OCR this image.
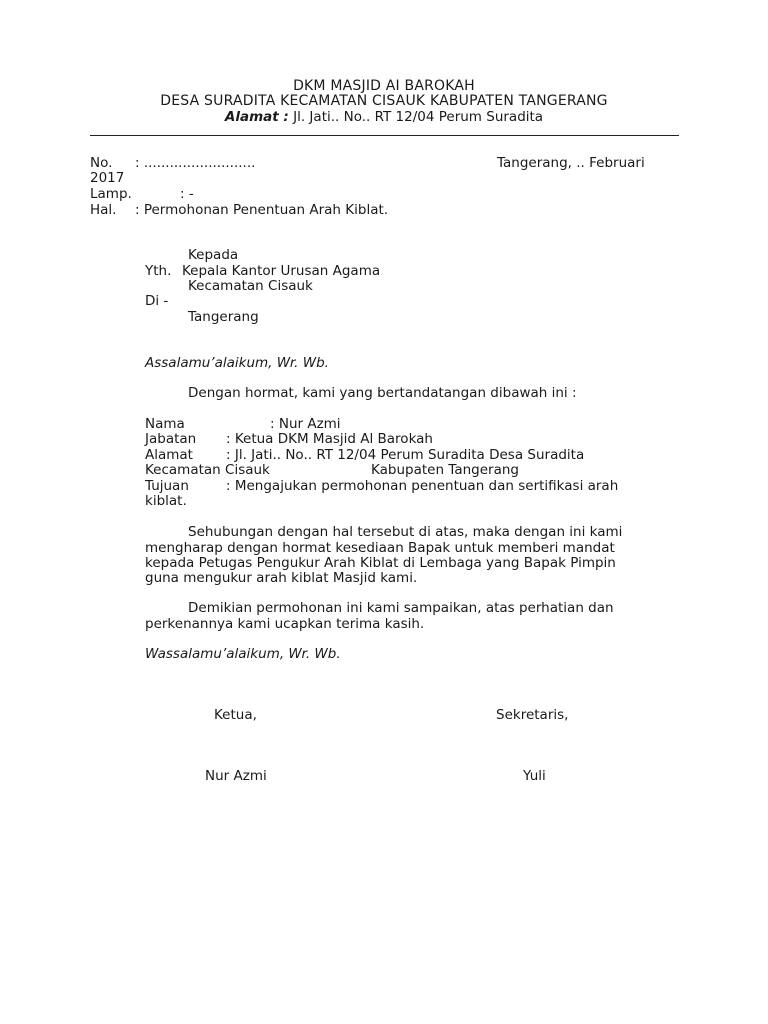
DKM MASJID AI BAROKAH
DESA SURADITA KECAMATAN CISAUK KABUPATEN TANGERANG
Alamat : Jl. Jati.. No.. RT 12/04 Perum Suradita
No. : ..........................	Tangerang, .. Februari
2017
Lamp.	: -
Hal. : Permohonan Penentuan Arah Kiblat.
Kepada
Yth. Kepala Kantor Urusan Agama
Kecamatan Cisauk
Di -
Tangerang
Assalamu’alaikum, Wr. Wb.
Dengan hormat, kami yang bertandatangan dibawah ini :
Nama	: Nur Azmi
Jabatan : Ketua DKM Masjid Al Barokah
Alamat : Jl. Jati.. No.. RT 12/04 Perum Suradita Desa Suradita
Kecamatan Cisauk	Kabupaten Tangerang
Tujuan	: Mengajukan permohonan penentuan dan sertifikasi arah
kiblat.
Sehubungan dengan hal tersebut di atas, maka dengan ini kami
mengharap dengan hormat kesediaan Bapak untuk memberi mandat
kepada Petugas Pengukur Arah Kiblat di Lembaga yang Bapak Pimpin
guna mengukur arah kiblat Masjid kami.
Demikian permohonan ini kami sampaikan, atas perhatian dan
perkenannya kami ucapkan terima kasih.
Wassalamu’alaikum, Wr. Wb.
Ketua,	Sekretaris,
Nur Azmi	Yuli
